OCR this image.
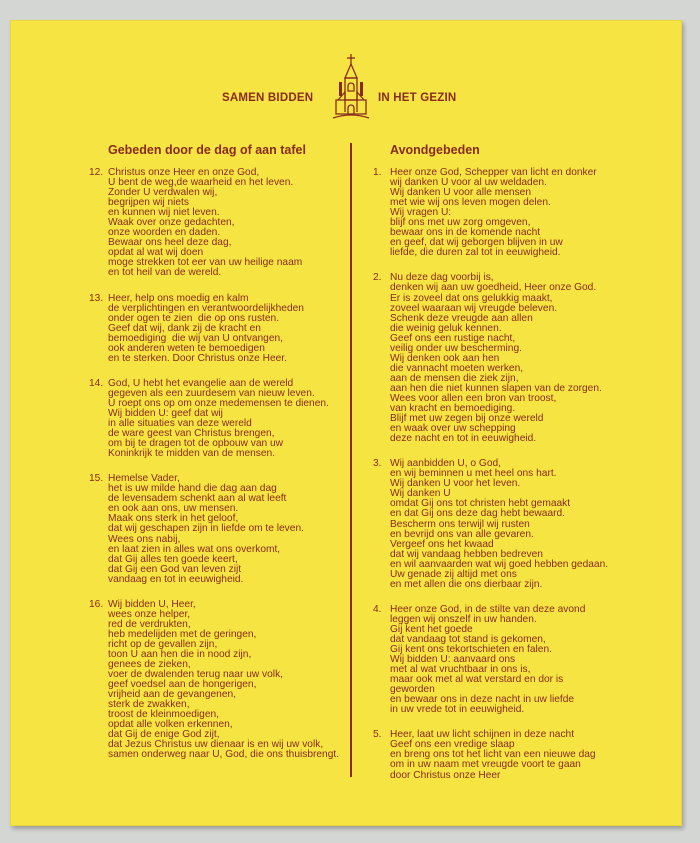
SAMEN BIDDEN	IN HET GEZIN
Gebeden door de dag of aan tafel	Avondgebeden
12. Christus onze Heer en onze God,
U bent de weg,de waarheid en het leven.
Zonder U verdwalen wij,
begrijpen wij niets
en kunnen wij niet leven.
Waak over onze gedachten,
onze woorden en daden.
Bewaar ons heel deze dag,
opdat al wat wij doen
moge strekken tot eer van uw heilige naam
en tot heil van de wereld.
13. Heer, help ons moedig en kalm
de verplichtingen en verantwoordelijkheden
onder ogen te zien  die op ons rusten.
Geef dat wij, dank zij de kracht en
bemoediging  die wij van U ontvangen,
ook anderen weten te bemoedigen
en te sterken. Door Christus onze Heer.
14. God, U hebt het evangelie aan de wereld
gegeven als een zuurdesem van nieuw leven.
U roept ons op om onze medemensen te dienen.
Wij bidden U: geef dat wij
in alle situaties van deze wereld
de ware geest van Christus brengen,
om bij te dragen tot de opbouw van uw
Koninkrijk te midden van de mensen.
15. Hemelse Vader,
het is uw milde hand die dag aan dag
de levensadem schenkt aan al wat leeft
en ook aan ons, uw mensen.
Maak ons sterk in het geloof,
dat wij geschapen zijn in liefde om te leven.
Wees ons nabij,
en laat zien in alles wat ons overkomt,
dat Gij alles ten goede keert,
dat Gij een God van leven zijt
vandaag en tot in eeuwigheid.
16. Wij bidden U, Heer,
wees onze helper,
red de verdrukten,
heb medelijden met de geringen,
richt op de gevallen zijn,
toon U aan hen die in nood zijn,
genees de zieken,
voer de dwalenden terug naar uw volk,
geef voedsel aan de hongerigen,
vrijheid aan de gevangenen,
sterk de zwakken,
troost de kleinmoedigen,
opdat alle volken erkennen,
dat Gij de enige God zijt,
dat Jezus Christus uw dienaar is en wij uw volk,
samen onderweg naar U, God, die ons thuisbrengt.
1. Heer onze God, Schepper van licht en donker
wij danken U voor al uw weldaden.
Wij danken U voor alle mensen
met wie wij ons leven mogen delen.
Wij vragen U:
blijf ons met uw zorg omgeven,
bewaar ons in de komende nacht
en geef, dat wij geborgen blijven in uw
liefde, die duren zal tot in eeuwigheid.
2. Nu deze dag voorbij is,
denken wij aan uw goedheid, Heer onze God.
Er is zoveel dat ons gelukkig maakt,
zoveel waaraan wij vreugde beleven.
Schenk deze vreugde aan allen
die weinig geluk kennen.
Geef ons een rustige nacht,
veilig onder uw bescherming.
Wij denken ook aan hen
die vannacht moeten werken,
aan de mensen die ziek zijn,
aan hen die niet kunnen slapen van de zorgen.
Wees voor allen een bron van troost,
van kracht en bemoediging.
Blijf met uw zegen bij onze wereld
en waak over uw schepping
deze nacht en tot in eeuwigheid.
3. Wij aanbidden U, o God,
en wij beminnen u met heel ons hart.
Wij danken U voor het leven.
Wij danken U
omdat Gij ons tot christen hebt gemaakt
en dat Gij ons deze dag hebt bewaard.
Bescherm ons terwijl wij rusten
en bevrijd ons van alle gevaren.
Vergeef ons het kwaad
dat wij vandaag hebben bedreven
en wil aanvaarden wat wij goed hebben gedaan.
Uw genade zij altijd met ons
en met allen die ons dierbaar zijn.
4. Heer onze God, in de stilte van deze avond
leggen wij onszelf in uw handen.
Gij kent het goede
dat vandaag tot stand is gekomen,
Gij kent ons tekortschieten en falen.
Wij bidden U: aanvaard ons
met al wat vruchtbaar in ons is,
maar ook met al wat verstard en dor is
geworden
en bewaar ons in deze nacht in uw liefde
in uw vrede tot in eeuwigheid.
5. Heer, laat uw licht schijnen in deze nacht
Geef ons een vredige slaap
en breng ons tot het licht van een nieuwe dag
om in uw naam met vreugde voort te gaan
door Christus onze Heer
